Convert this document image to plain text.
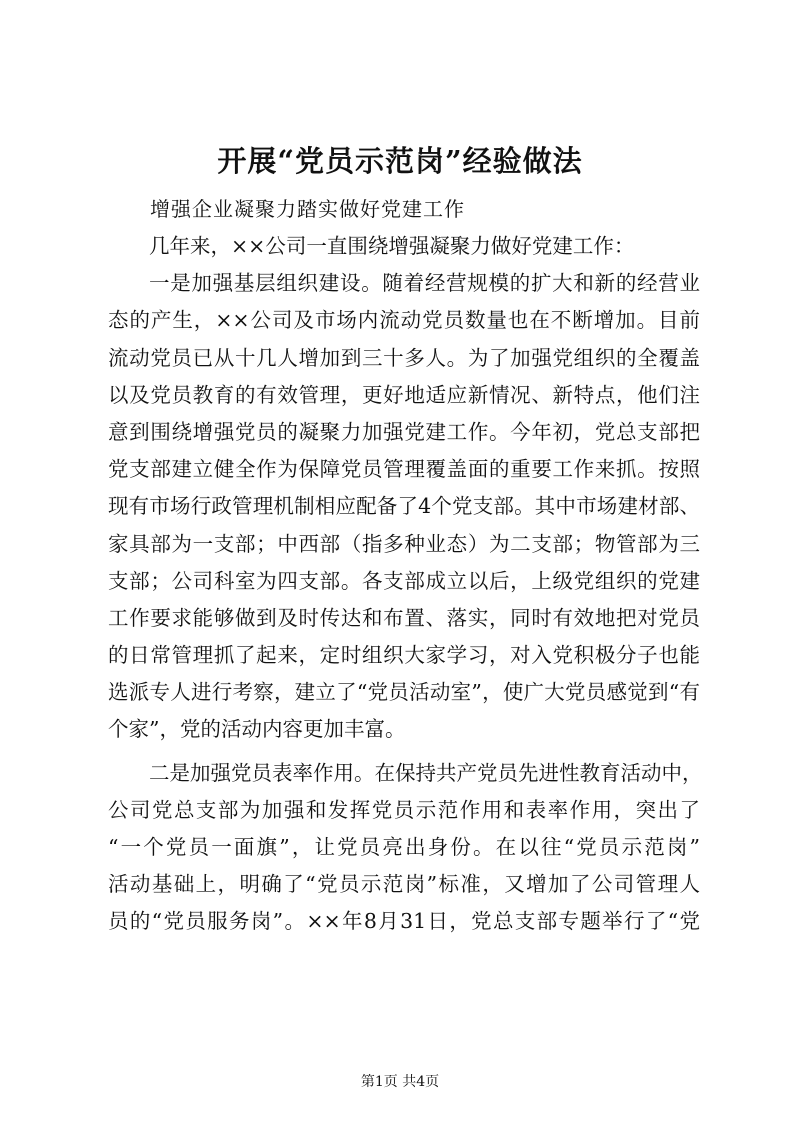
开展“党员示范岗”经验做法
增强企业凝聚力踏实做好党建工作
几年来，××公司一直围绕增强凝聚力做好党建工作：
一是加强基层组织建设。随着经营规模的扩大和新的经营业
态的产生，××公司及市场内流动党员数量也在不断增加。目前
流动党员已从十几人增加到三十多人。为了加强党组织的全覆盖
以及党员教育的有效管理，更好地适应新情况、新特点，他们注
意到围绕增强党员的凝聚力加强党建工作。今年初，党总支部把
党支部建立健全作为保障党员管理覆盖面的重要工作来抓。按照
现有市场行政管理机制相应配备了4个党支部。其中市场建材部、
家具部为一支部；中西部（指多种业态）为二支部；物管部为三
支部；公司科室为四支部。各支部成立以后，上级党组织的党建
工作要求能够做到及时传达和布置、落实，同时有效地把对党员
的日常管理抓了起来，定时组织大家学习，对入党积极分子也能
选派专人进行考察，建立了“党员活动室”，使广大党员感觉到“有
个家”，党的活动内容更加丰富。
二是加强党员表率作用。在保持共产党员先进性教育活动中，
公司党总支部为加强和发挥党员示范作用和表率作用，突出了
“一个党员一面旗”，让党员亮出身份。在以往“党员示范岗”
活动基础上，明确了“党员示范岗”标准，又增加了公司管理人
员的“党员服务岗”。××年8月31日，党总支部专题举行了“党
第1页 共4页
